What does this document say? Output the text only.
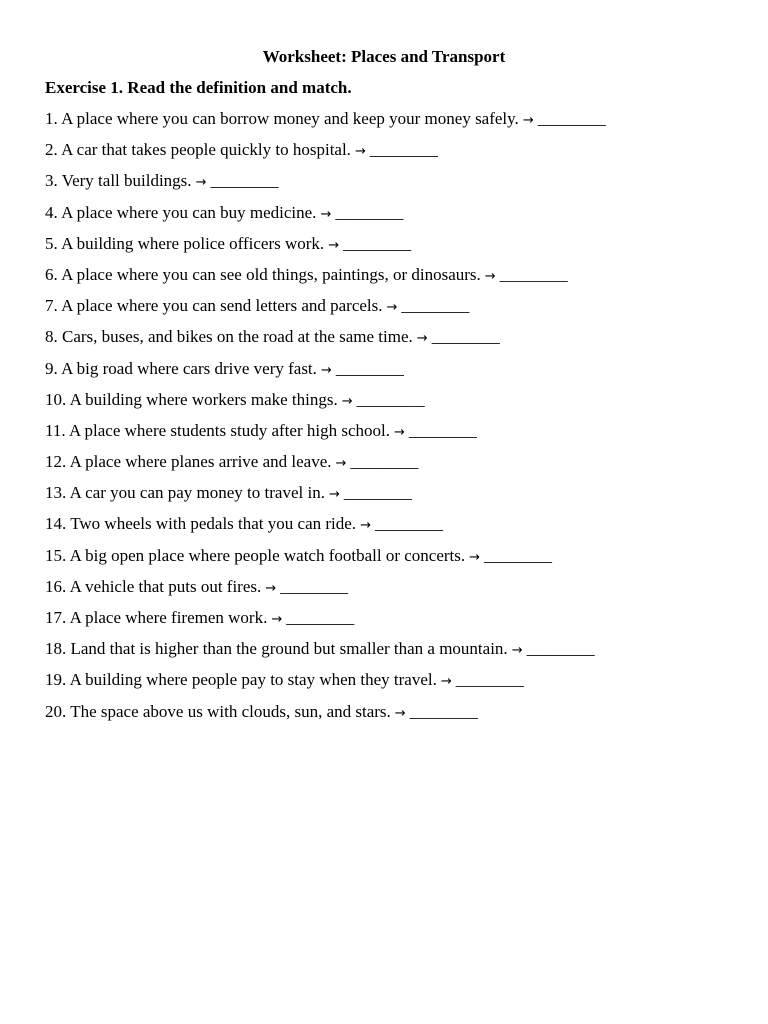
Worksheet: Places and Transport
Exercise 1. Read the definition and match.
1. A place where you can borrow money and keep your money safely. → ________
2. A car that takes people quickly to hospital. → ________
3. Very tall buildings. → ________
4. A place where you can buy medicine. → ________
5. A building where police officers work. → ________
6. A place where you can see old things, paintings, or dinosaurs. → ________
7. A place where you can send letters and parcels. → ________
8. Cars, buses, and bikes on the road at the same time. → ________
9. A big road where cars drive very fast. → ________
10. A building where workers make things. → ________
11. A place where students study after high school. → ________
12. A place where planes arrive and leave. → ________
13. A car you can pay money to travel in. → ________
14. Two wheels with pedals that you can ride. → ________
15. A big open place where people watch football or concerts. → ________
16. A vehicle that puts out fires. → ________
17. A place where firemen work. → ________
18. Land that is higher than the ground but smaller than a mountain. → ________
19. A building where people pay to stay when they travel. → ________
20. The space above us with clouds, sun, and stars. → ________
